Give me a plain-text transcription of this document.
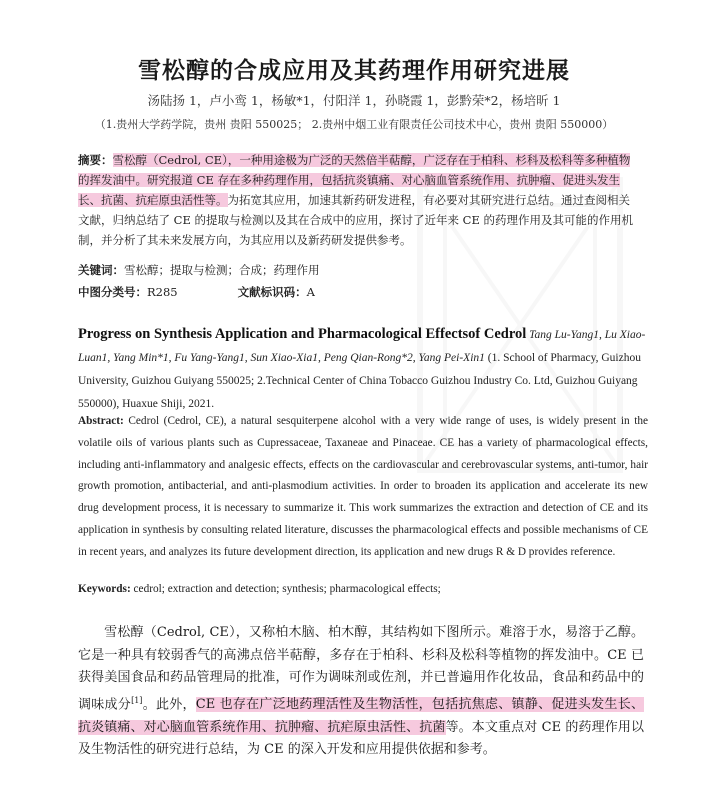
雪松醇的合成应用及其药理作用研究进展
汤陆扬 1，卢小鸾 1，杨敏*1，付阳洋 1，孙晓霞 1，彭黔荣*2，杨培昕 1
（1.贵州大学药学院，贵州 贵阳 550025； 2.贵州中烟工业有限责任公司技术中心，贵州 贵阳 550000）
摘要：雪松醇（Cedrol, CE），一种用途极为广泛的天然倍半萜醇，广泛存在于柏科、杉科及松科等多种植物的挥发油中。研究报道 CE 存在多种药理作用，包括抗炎镇痛、对心脑血管系统作用、抗肿瘤、促进头发生长、抗菌、抗疟原虫活性等。为拓宽其应用，加速其新药研发进程，有必要对其研究进行总结。通过查阅相关文献，归纳总结了 CE 的提取与检测以及其在合成中的应用，探讨了近年来 CE 的药理作用及其可能的作用机制，并分析了其未来发展方向，为其应用以及新药研发提供参考。
关键词：雪松醇；提取与检测；合成；药理作用
中图分类号：R285	文献标识码：A
Progress on Synthesis Application and Pharmacological Effectsof Cedrol Tang Lu-Yang1, Lu Xiao-Luan1, Yang Min*1, Fu Yang-Yang1, Sun Xiao-Xia1, Peng Qian-Rong*2, Yang Pei-Xin1 (1. School of Pharmacy, Guizhou University, Guizhou Guiyang 550025; 2.Technical Center of China Tobacco Guizhou Industry Co. Ltd, Guizhou Guiyang 550000), Huaxue Shiji, 2021.
Abstract: Cedrol (Cedrol, CE), a natural sesquiterpene alcohol with a very wide range of uses, is widely present in the volatile oils of various plants such as Cupressaceae, Taxaneae and Pinaceae. CE has a variety of pharmacological effects, including anti-inflammatory and analgesic effects, effects on the cardiovascular and cerebrovascular systems, anti-tumor, hair growth promotion, antibacterial, and anti-plasmodium activities. In order to broaden its application and accelerate its new drug development process, it is necessary to summarize it. This work summarizes the extraction and detection of CE and its application in synthesis by consulting related literature, discusses the pharmacological effects and possible mechanisms of CE in recent years, and analyzes its future development direction, its application and new drugs R & D provides reference.
Keywords: cedrol; extraction and detection; synthesis; pharmacological effects;
雪松醇（Cedrol, CE），又称柏木脑、柏木醇，其结构如下图所示。难溶于水，易溶于乙醇。它是一种具有较弱香气的高沸点倍半萜醇，多存在于柏科、杉科及松科等植物的挥发油中。CE 已获得美国食品和药品管理局的批准，可作为调味剂或佐剂，并已普遍用作化妆品，食品和药品中的调味成分[1]。此外，CE 也存在广泛地药理活性及生物活性，包括抗焦虑、镇静、促进头发生长、抗炎镇痛、对心脑血管系统作用、抗肿瘤、抗疟原虫活性、抗菌等。本文重点对 CE 的药理作用以及生物活性的研究进行总结，为 CE 的深入开发和应用提供依据和参考。
